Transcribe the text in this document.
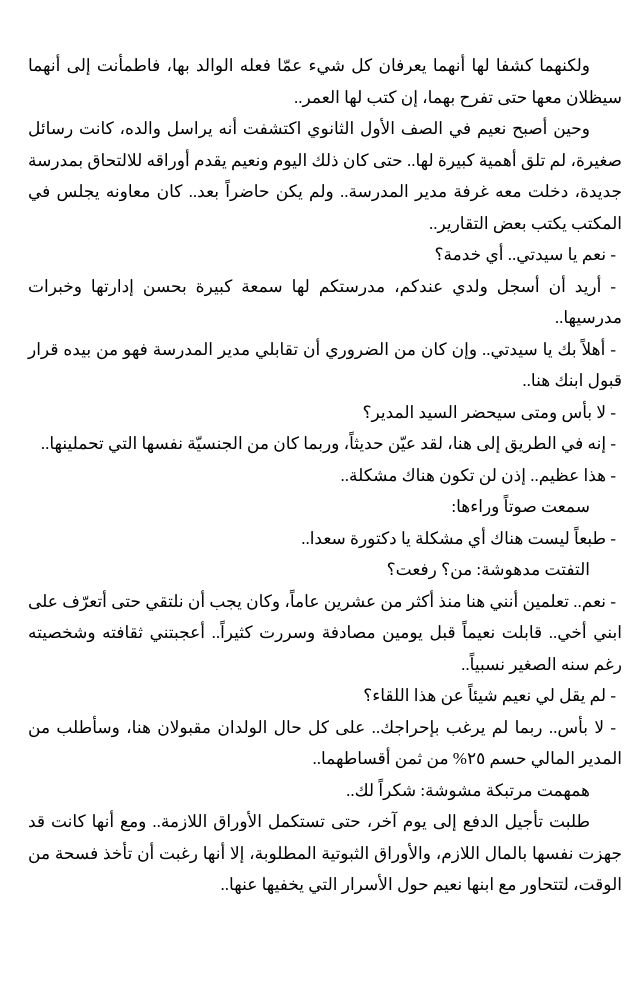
ولكنهما كشفا لها أنهما يعرفان كل شيء عمّا فعله الوالد بها، فاطمأنت إلى أنهما سيظلان معها حتى تفرح بهما، إن كتب لها العمر..

وحين أصبح نعيم في الصف الأول الثانوي اكتشفت أنه يراسل والده، كانت رسائل صغيرة، لم تلق أهمية كبيرة لها.. حتى كان ذلك اليوم ونعيم يقدم أوراقه للالتحاق بمدرسة جديدة، دخلت معه غرفة مدير المدرسة.. ولم يكن حاضراً بعد.. كان معاونه يجلس في المكتب يكتب بعض التقارير..

- نعم يا سيدتي.. أي خدمة؟

- أريد أن أسجل ولدي عندكم، مدرستكم لها سمعة كبيرة بحسن إدارتها وخبرات مدرسيها..

- أهلاً بك يا سيدتي.. وإن كان من الضروري أن تقابلي مدير المدرسة فهو من بيده قرار قبول ابنك هنا..

- لا بأس ومتى سيحضر السيد المدير؟

- إنه في الطريق إلى هنا، لقد عيّن حديثاً، وربما كان من الجنسيّة نفسها التي تحملينها..

- هذا عظيم.. إذن لن تكون هناك مشكلة..

سمعت صوتاً وراءها:

- طبعاً ليست هناك أي مشكلة يا دكتورة سعدا..

التفتت مدهوشة: من؟ رفعت؟

- نعم.. تعلمين أنني هنا منذ أكثر من عشرين عاماً، وكان يجب أن نلتقي حتى أتعرّف على ابني أخي.. قابلت نعيماً قبل يومين مصادفة وسررت كثيراً.. أعجبتني ثقافته وشخصيته رغم سنه الصغير نسبياً..

- لم يقل لي نعيم شيئاً عن هذا اللقاء؟

- لا بأس.. ربما لم يرغب بإحراجك.. على كل حال الولدان مقبولان هنا، وسأطلب من المدير المالي حسم ٢٥% من ثمن أقساطهما..

همهمت مرتبكة مشوشة: شكراً لك..

طلبت تأجيل الدفع إلى يوم آخر، حتى تستكمل الأوراق اللازمة.. ومع أنها كانت قد جهزت نفسها بالمال اللازم، والأوراق الثبوتية المطلوبة، إلا أنها رغبت أن تأخذ فسحة من الوقت، لتتحاور مع ابنها نعيم حول الأسرار التي يخفيها عنها..
